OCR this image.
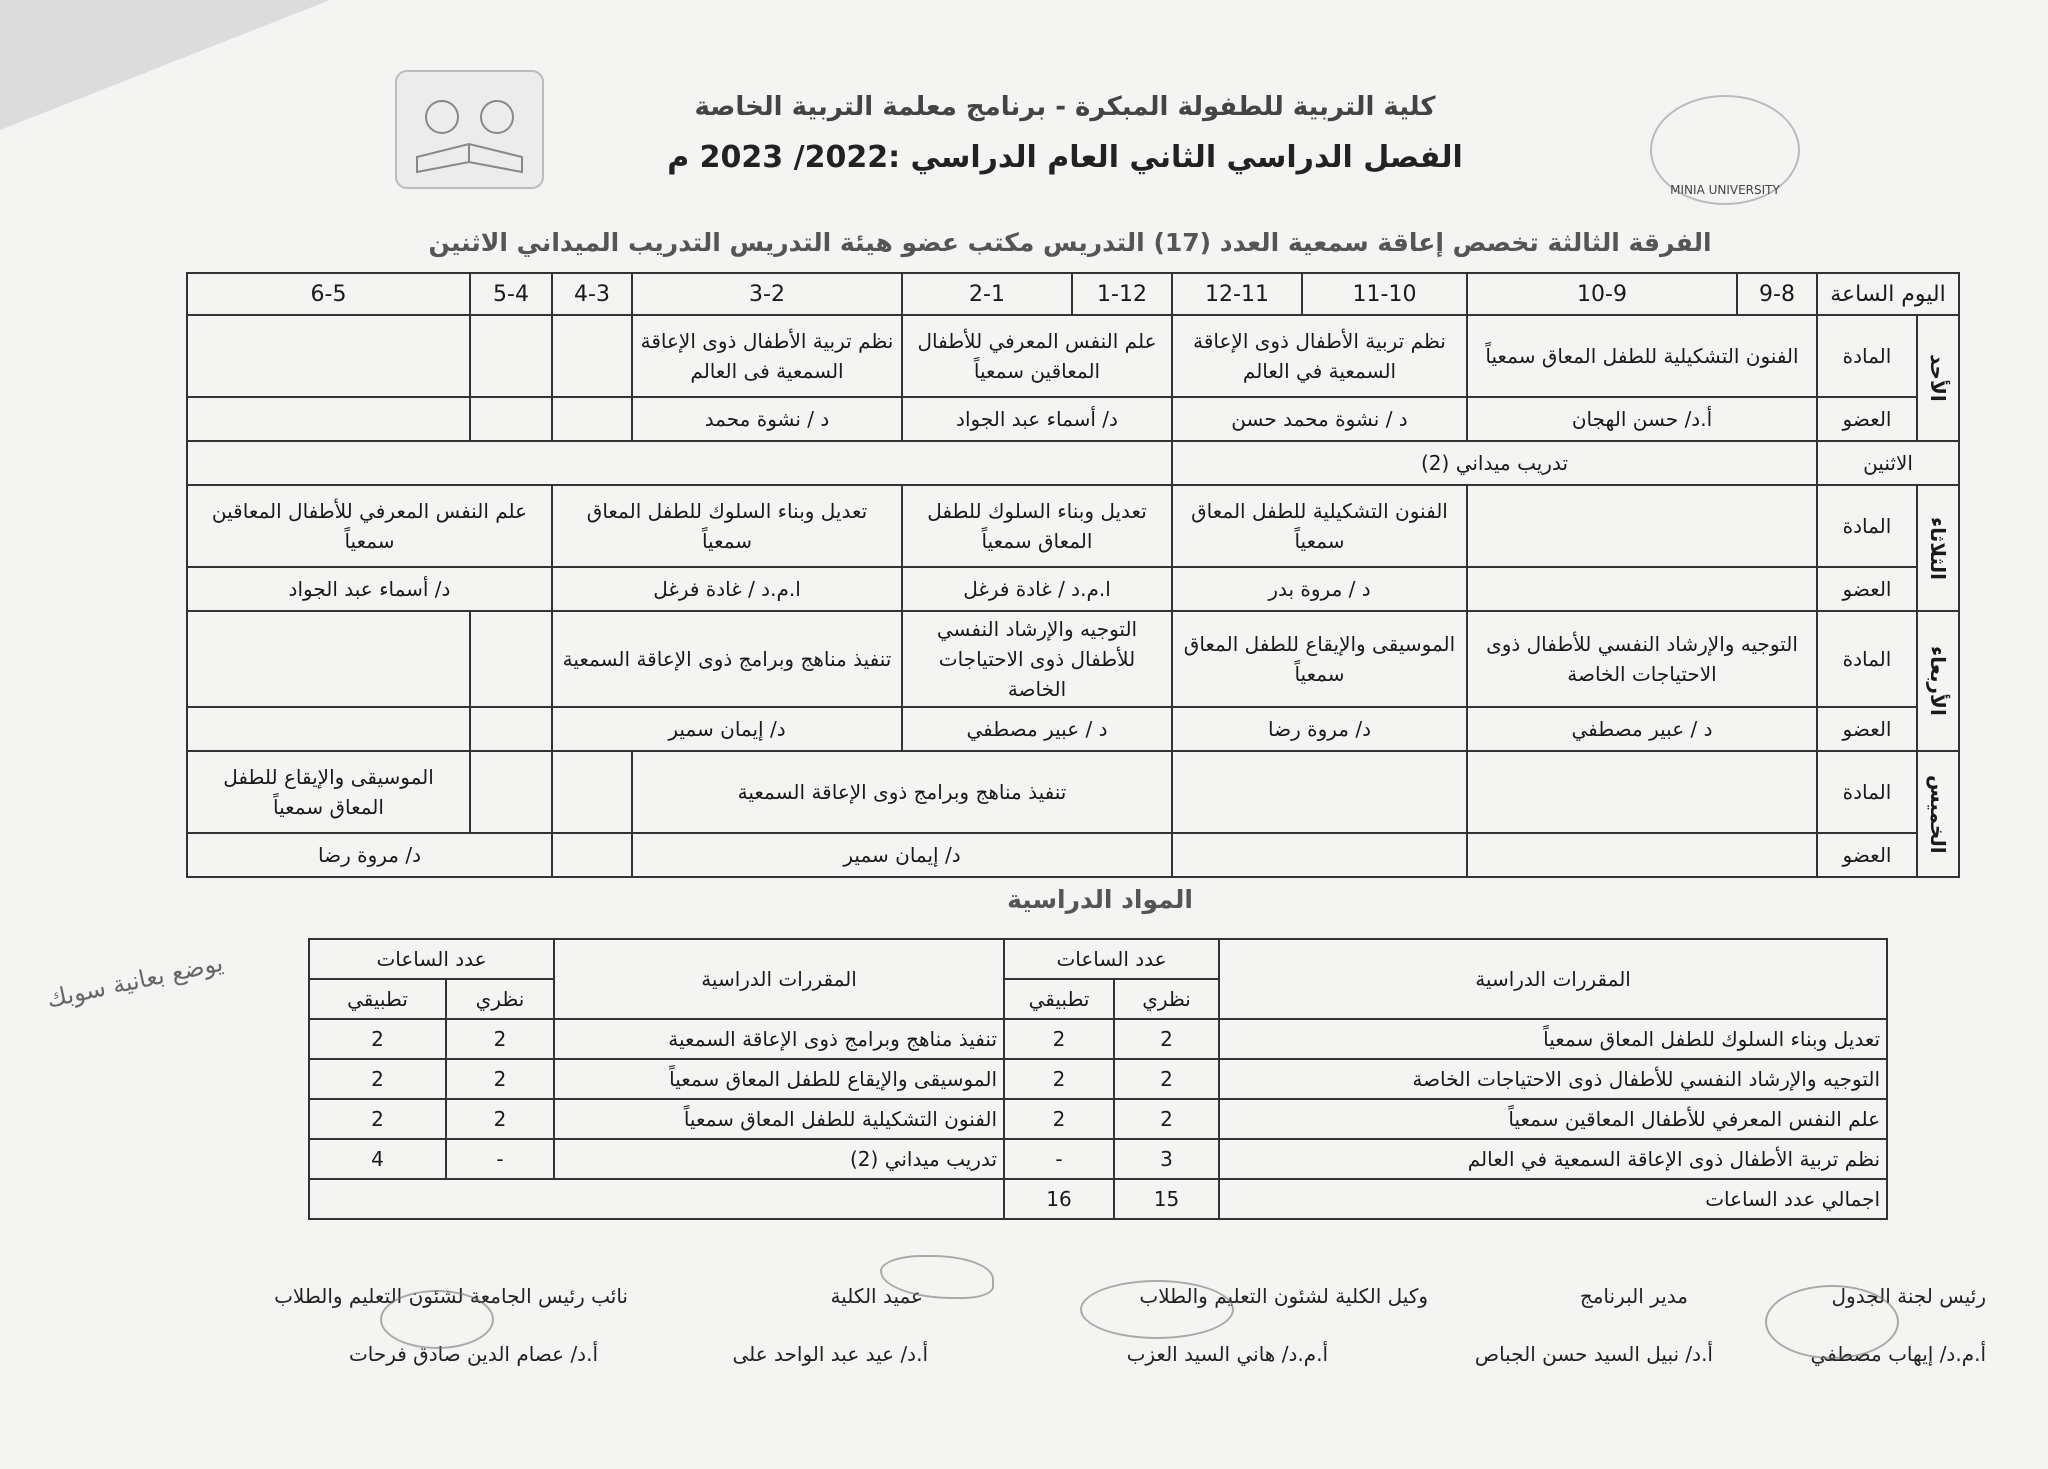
MINIA UNIVERSITY
كلية التربية للطفولة المبكرة - برنامج معلمة التربية الخاصة
الفصل الدراسي الثاني العام الدراسي :2022/ 2023 م
الفرقة الثالثة تخصص إعاقة سمعية العدد (17) التدريس مكتب عضو هيئة التدريس التدريب الميداني الاثنين
اليوم الساعة		9-8	10-9	11-10	12-11	1-12	2-1	3-2	4-3	5-4	6-5
الأحد	المادة	الفنون التشكيلية للطفل المعاق سمعياً		نظم تربية الأطفال ذوى الإعاقة السمعية في العالم		علم النفس المعرفي للأطفال المعاقين سمعياً		نظم تربية الأطفال ذوى الإعاقة السمعية فى العالم			
	العضو	أ.د/ حسن الهجان		د / نشوة محمد حسن		د/ أسماء عبد الجواد		د / نشوة محمد			
الاثنين		تدريب ميداني (2)									
الثلاثاء	المادة			الفنون التشكيلية للطفل المعاق سمعياً		تعديل وبناء السلوك للطفل المعاق سمعياً		تعديل وبناء السلوك للطفل المعاق سمعياً		علم النفس المعرفي للأطفال المعاقين سمعياً	
	العضو			د / مروة بدر		ا.م.د / غادة فرغل		ا.م.د / غادة فرغل		د/ أسماء عبد الجواد	
الأربعاء	المادة	التوجيه والإرشاد النفسي للأطفال ذوى الاحتياجات الخاصة		الموسيقى والإيقاع للطفل المعاق سمعياً		التوجيه والإرشاد النفسي للأطفال ذوى الاحتياجات الخاصة		تنفيذ مناهج وبرامج ذوى الإعاقة السمعية			
	العضو	د / عبير مصطفي		د/ مروة رضا		د / عبير مصطفي		د/ إيمان سمير			
الخميس	المادة					تنفيذ مناهج وبرامج ذوى الإعاقة السمعية					الموسيقى والإيقاع للطفل المعاق سمعياً
	العضو					د/ إيمان سمير				د/ مروة رضا	
المواد الدراسية
المقررات الدراسية	عدد الساعات		المقررات الدراسية	عدد الساعات	
	نظري	تطبيقي		نظري	تطبيقي
تعديل وبناء السلوك للطفل المعاق سمعياً	2	2	تنفيذ مناهج وبرامج ذوى الإعاقة السمعية	2	2
التوجيه والإرشاد النفسي للأطفال ذوى الاحتياجات الخاصة	2	2	الموسيقى والإيقاع للطفل المعاق سمعياً	2	2
علم النفس المعرفي للأطفال المعاقين سمعياً	2	2	الفنون التشكيلية للطفل المعاق سمعياً	2	2
نظم تربية الأطفال ذوى الإعاقة السمعية في العالم	3	-	تدريب ميداني (2)	-	4
اجمالي عدد الساعات	15	16			
يوضع بعانية سوبك
رئيس لجنة الجدول
أ.م.د/ إيهاب مصطفي
مدير البرنامج
أ.د/ نبيل السيد حسن الجباص
وكيل الكلية لشئون التعليم والطلاب
أ.م.د/ هاني السيد العزب
عميد الكلية
أ.د/ عيد عبد الواحد على
نائب رئيس الجامعة لشئون التعليم والطلاب
أ.د/ عصام الدين صادق فرحات
